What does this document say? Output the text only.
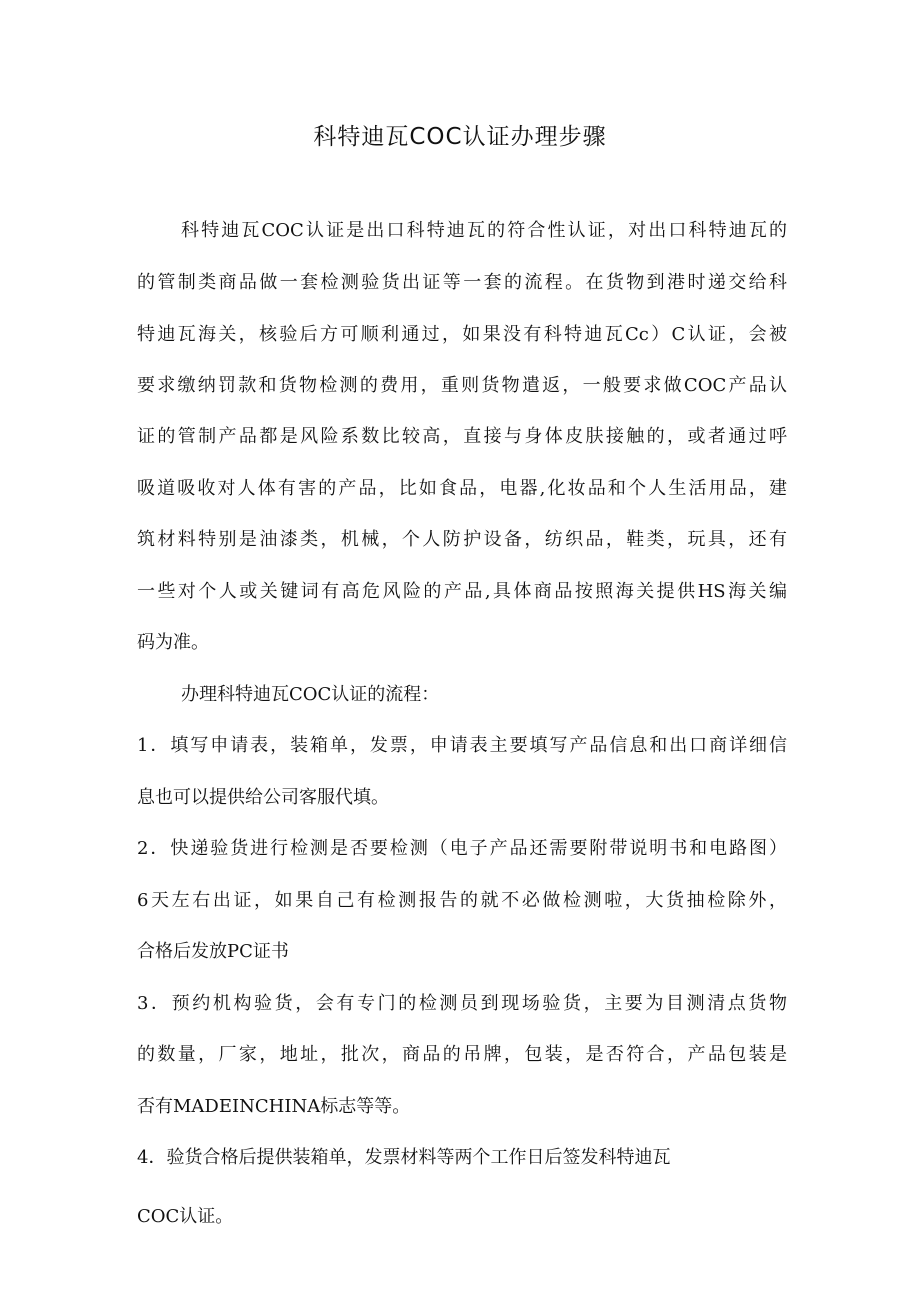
科特迪瓦COC认证办理步骤
科特迪瓦COC认证是出口科特迪瓦的符合性认证，对出口科特迪瓦的
的管制类商品做一套检测验货出证等一套的流程。在货物到港时递交给科
特迪瓦海关，核验后方可顺利通过，如果没有科特迪瓦Cc）C认证，会被
要求缴纳罚款和货物检测的费用，重则货物遣返，一般要求做COC产品认
证的管制产品都是风险系数比较高，直接与身体皮肤接触的，或者通过呼
吸道吸收对人体有害的产品，比如食品，电器,化妆品和个人生活用品，建
筑材料特别是油漆类，机械，个人防护设备，纺织品，鞋类，玩具，还有
一些对个人或关键词有高危风险的产品,具体商品按照海关提供HS海关编
码为准。
办理科特迪瓦COC认证的流程：
1．填写申请表，装箱单，发票，申请表主要填写产品信息和出口商详细信
息也可以提供给公司客服代填。
2．快递验货进行检测是否要检测（电子产品还需要附带说明书和电路图）
6天左右出证，如果自己有检测报告的就不必做检测啦，大货抽检除外，
合格后发放PC证书
3．预约机构验货，会有专门的检测员到现场验货，主要为目测清点货物
的数量，厂家，地址，批次，商品的吊牌，包装，是否符合，产品包装是
否有MADEINCHINA标志等等。
4．验货合格后提供装箱单，发票材料等两个工作日后签发科特迪瓦
COC认证。
